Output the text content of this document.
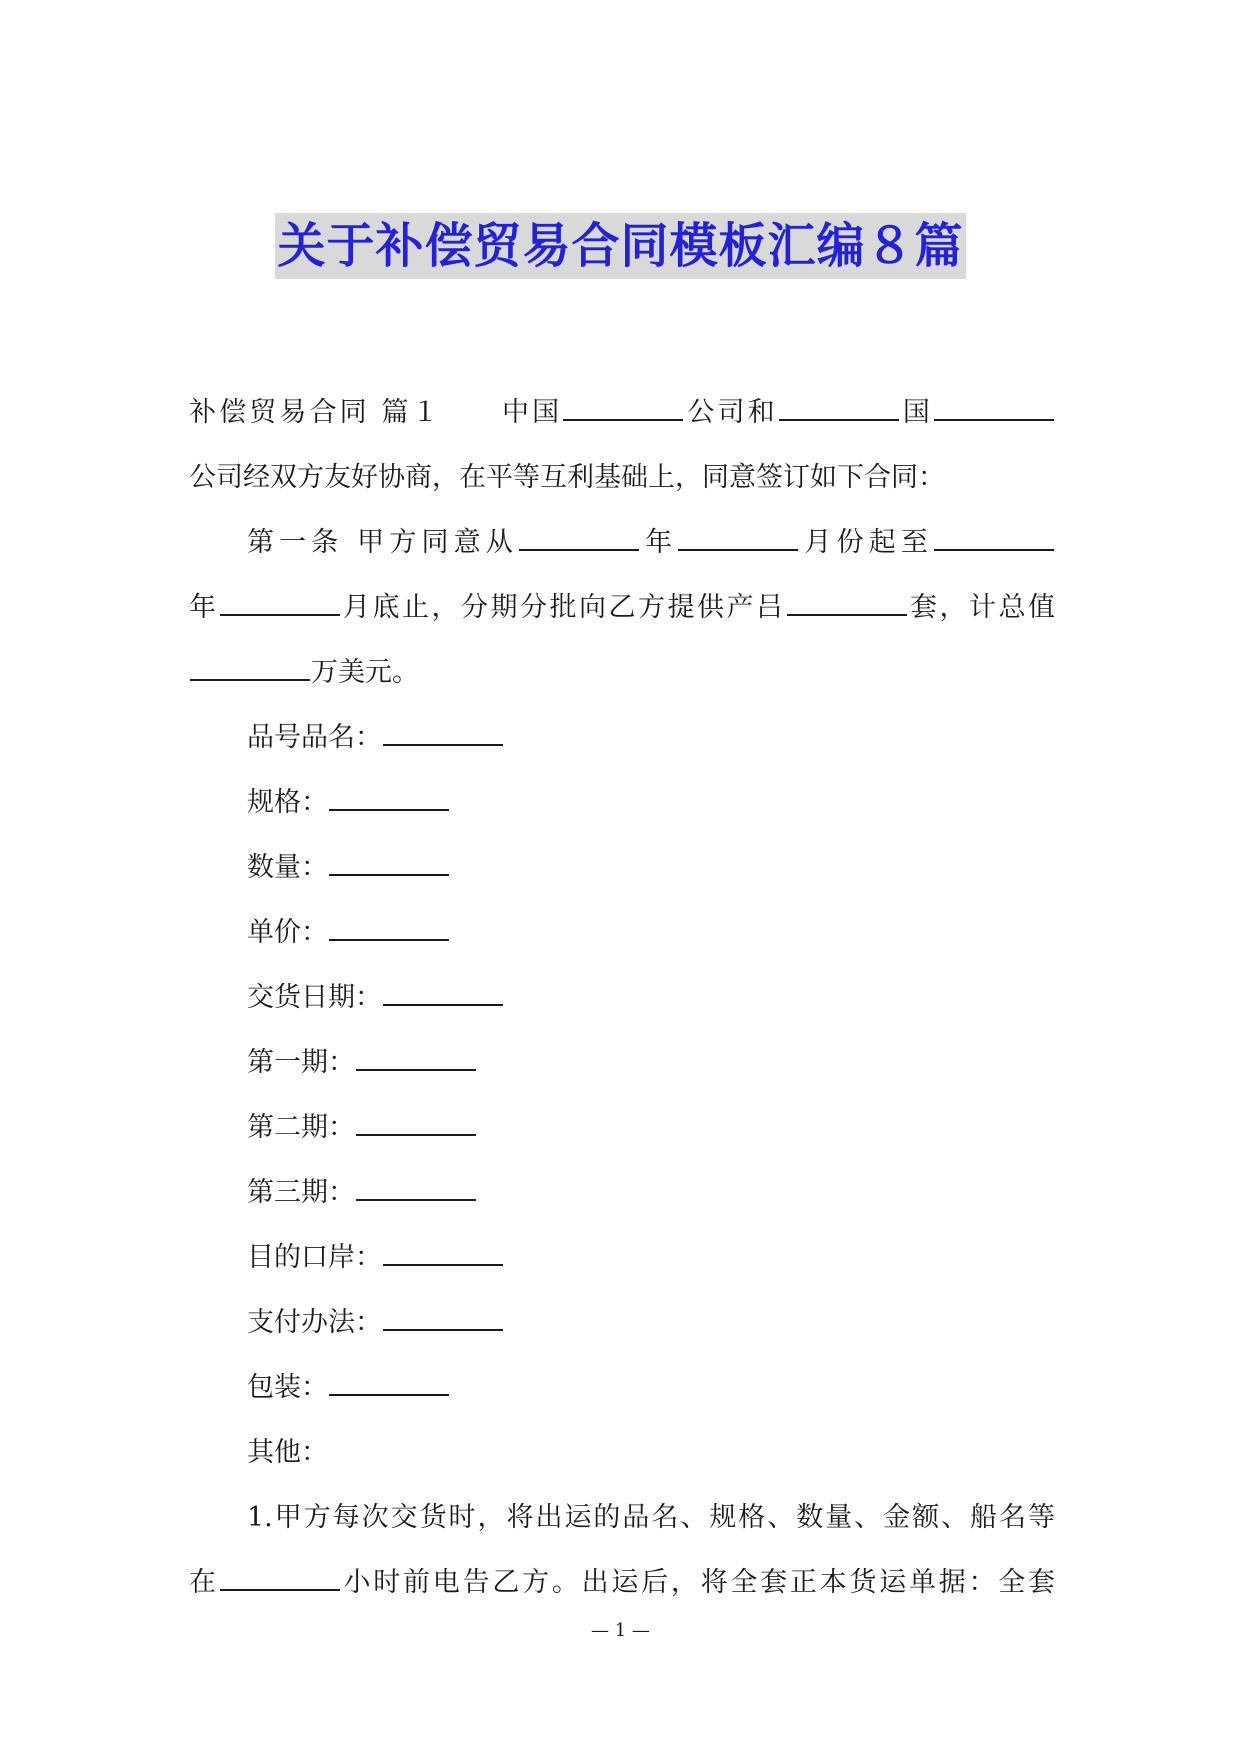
关于补偿贸易合同模板汇编８篇
补偿贸易合同 篇１　　中国	公司和	国
公司经双方友好协商，在平等互利基础上，同意签订如下合同：
第一条 甲方同意从	年	月份起至
年	月底止，分期分批向乙方提供产吕	套，计总值
万美元。
品号品名：
规格：
数量：
单价：
交货日期：
第一期：
第二期：
第三期：
目的口岸：
支付办法：
包装：
其他：
1.甲方每次交货时，将出运的品名、规格、数量、金额、船名等
在	小时前电告乙方。出运后，将全套正本货运单据：全套
— 1 —
